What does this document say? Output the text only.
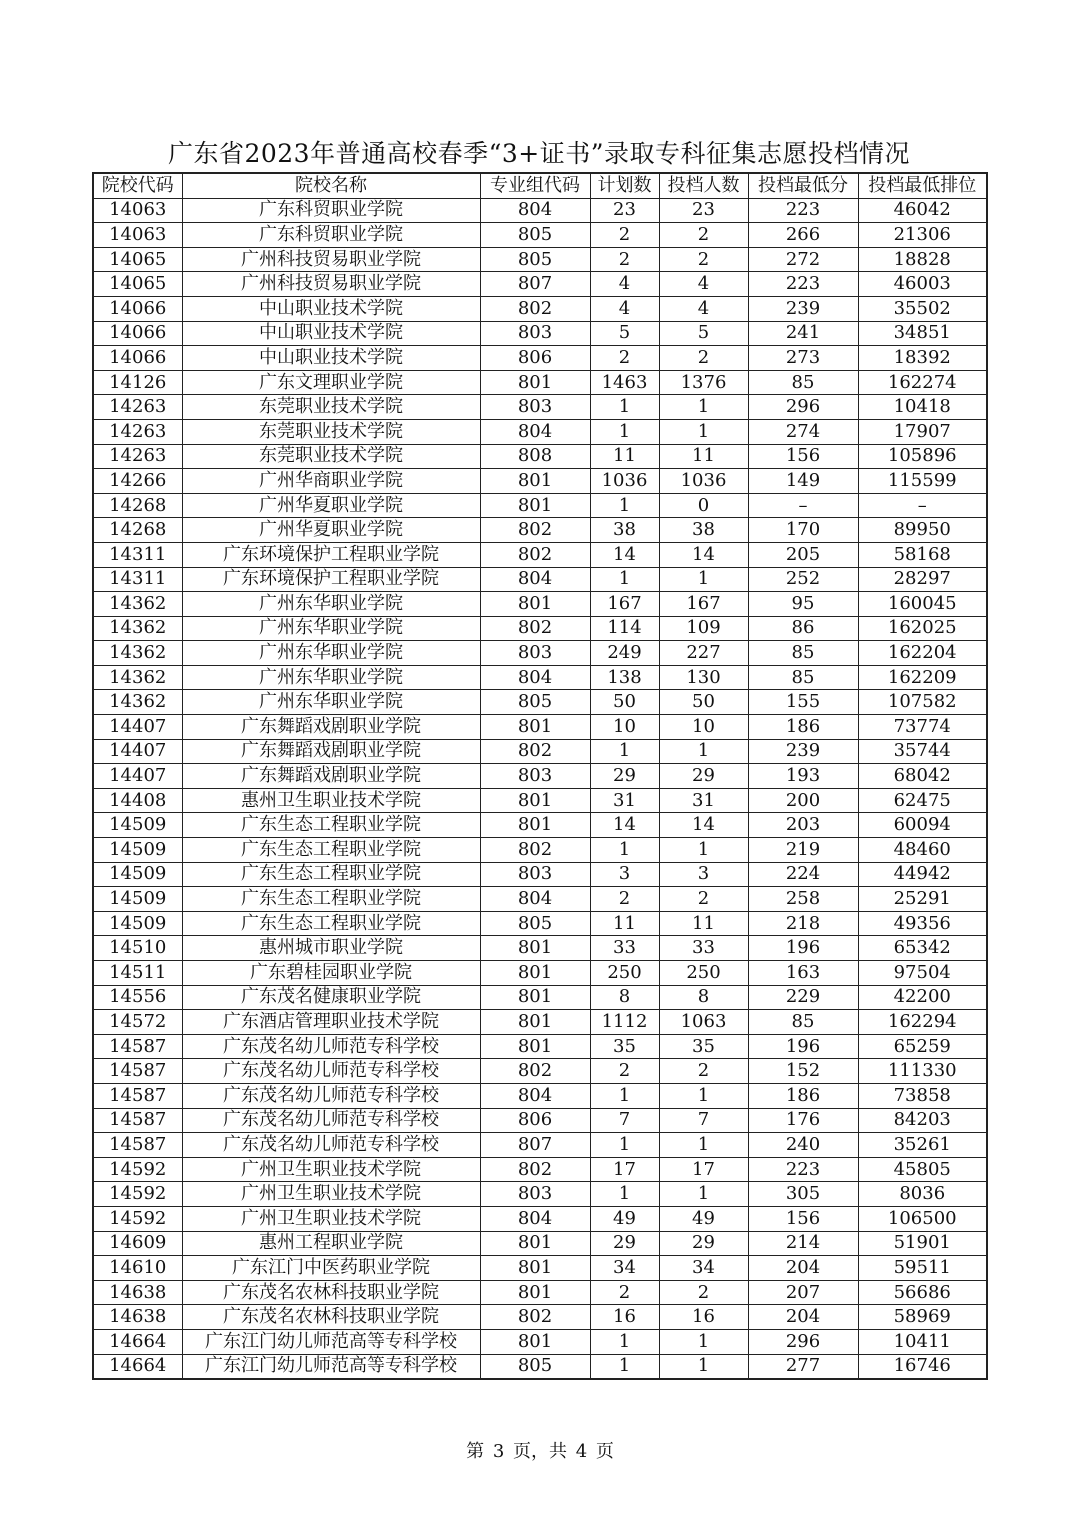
广东省2023年普通高校春季“3+证书”录取专科征集志愿投档情况
院校代码	院校名称	专业组代码	计划数	投档人数	投档最低分	投档最低排位
14063	广东科贸职业学院	804	23	23	223	46042
14063	广东科贸职业学院	805	2	2	266	21306
14065	广州科技贸易职业学院	805	2	2	272	18828
14065	广州科技贸易职业学院	807	4	4	223	46003
14066	中山职业技术学院	802	4	4	239	35502
14066	中山职业技术学院	803	5	5	241	34851
14066	中山职业技术学院	806	2	2	273	18392
14126	广东文理职业学院	801	1463	1376	85	162274
14263	东莞职业技术学院	803	1	1	296	10418
14263	东莞职业技术学院	804	1	1	274	17907
14263	东莞职业技术学院	808	11	11	156	105896
14266	广州华商职业学院	801	1036	1036	149	115599
14268	广州华夏职业学院	801	1	0	–	–
14268	广州华夏职业学院	802	38	38	170	89950
14311	广东环境保护工程职业学院	802	14	14	205	58168
14311	广东环境保护工程职业学院	804	1	1	252	28297
14362	广州东华职业学院	801	167	167	95	160045
14362	广州东华职业学院	802	114	109	86	162025
14362	广州东华职业学院	803	249	227	85	162204
14362	广州东华职业学院	804	138	130	85	162209
14362	广州东华职业学院	805	50	50	155	107582
14407	广东舞蹈戏剧职业学院	801	10	10	186	73774
14407	广东舞蹈戏剧职业学院	802	1	1	239	35744
14407	广东舞蹈戏剧职业学院	803	29	29	193	68042
14408	惠州卫生职业技术学院	801	31	31	200	62475
14509	广东生态工程职业学院	801	14	14	203	60094
14509	广东生态工程职业学院	802	1	1	219	48460
14509	广东生态工程职业学院	803	3	3	224	44942
14509	广东生态工程职业学院	804	2	2	258	25291
14509	广东生态工程职业学院	805	11	11	218	49356
14510	惠州城市职业学院	801	33	33	196	65342
14511	广东碧桂园职业学院	801	250	250	163	97504
14556	广东茂名健康职业学院	801	8	8	229	42200
14572	广东酒店管理职业技术学院	801	1112	1063	85	162294
14587	广东茂名幼儿师范专科学校	801	35	35	196	65259
14587	广东茂名幼儿师范专科学校	802	2	2	152	111330
14587	广东茂名幼儿师范专科学校	804	1	1	186	73858
14587	广东茂名幼儿师范专科学校	806	7	7	176	84203
14587	广东茂名幼儿师范专科学校	807	1	1	240	35261
14592	广州卫生职业技术学院	802	17	17	223	45805
14592	广州卫生职业技术学院	803	1	1	305	8036
14592	广州卫生职业技术学院	804	49	49	156	106500
14609	惠州工程职业学院	801	29	29	214	51901
14610	广东江门中医药职业学院	801	34	34	204	59511
14638	广东茂名农林科技职业学院	801	2	2	207	56686
14638	广东茂名农林科技职业学院	802	16	16	204	58969
14664	广东江门幼儿师范高等专科学校	801	1	1	296	10411
14664	广东江门幼儿师范高等专科学校	805	1	1	277	16746
第 3 页，共 4 页
